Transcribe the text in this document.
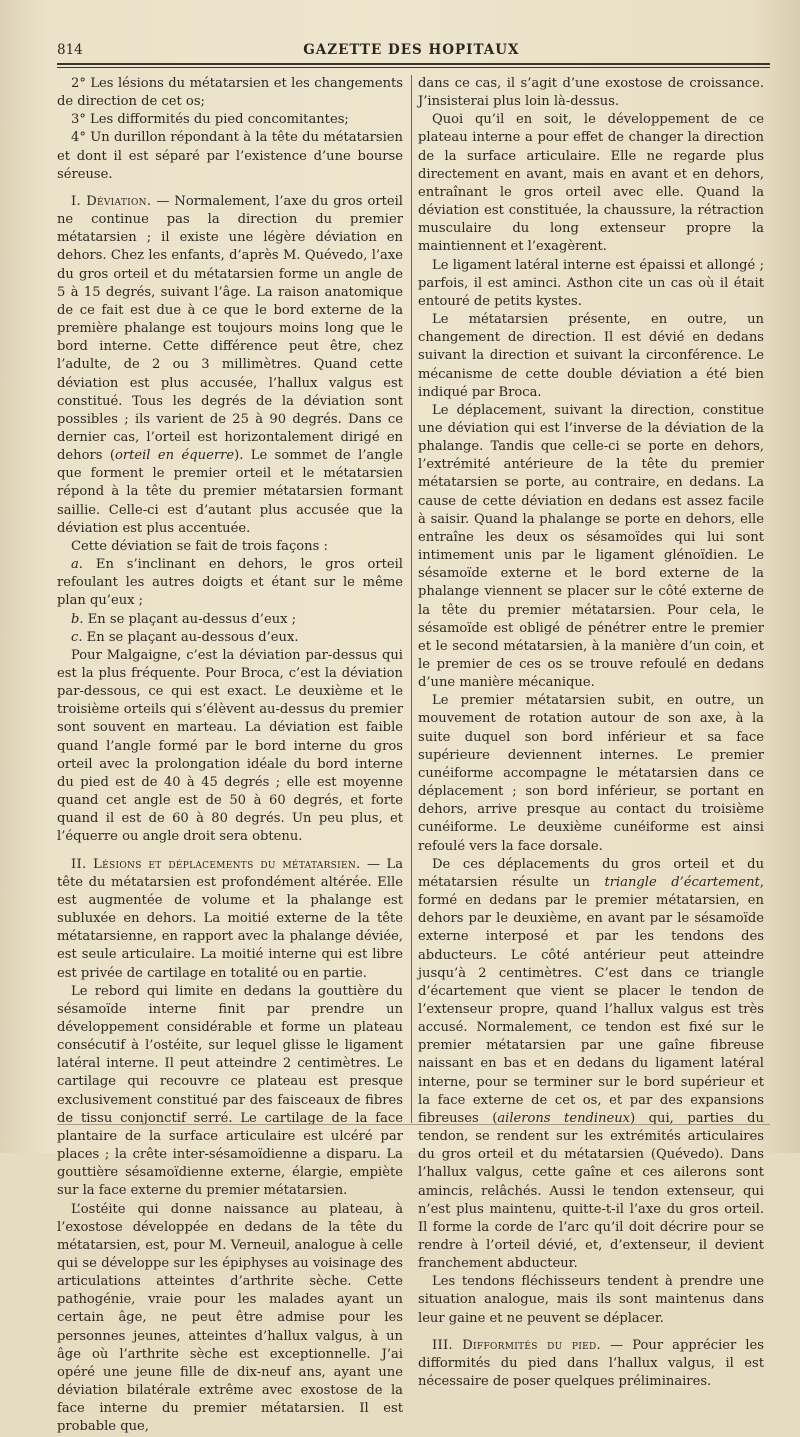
814	GAZETTE DES HOPITAUX

2° Les lésions du métatarsien et les changements de direction de cet os;

3° Les difformités du pied concomitantes;

4° Un durillon répondant à la tête du métatarsien et dont il est séparé par l’existence d’une bourse séreuse.

I. Déviation. — Normalement, l’axe du gros orteil ne continue pas la direction du premier métatarsien ; il existe une légère déviation en dehors. Chez les enfants, d’après M. Quévedo, l’axe du gros orteil et du métatarsien forme un angle de 5 à 15 degrés, suivant l’âge. La raison anatomique de ce fait est due à ce que le bord externe de la première phalange est toujours moins long que le bord interne. Cette différence peut être, chez l’adulte, de 2 ou 3 millimètres. Quand cette déviation est plus accusée, l’hallux valgus est constitué. Tous les degrés de la déviation sont possibles ; ils varient de 25 à 90 degrés. Dans ce dernier cas, l’orteil est horizontalement dirigé en dehors (orteil en équerre). Le sommet de l’angle que forment le premier orteil et le métatarsien répond à la tête du premier métatarsien formant saillie. Celle-ci est d’autant plus accusée que la déviation est plus accentuée.

Cette déviation se fait de trois façons :

a. En s’inclinant en dehors, le gros orteil refoulant les autres doigts et étant sur le même plan qu’eux ;

b. En se plaçant au-dessus d’eux ;

c. En se plaçant au-dessous d’eux.

Pour Malgaigne, c’est la déviation par-dessus qui est la plus fréquente. Pour Broca, c’est la déviation par-dessous, ce qui est exact. Le deuxième et le troisième orteils qui s’élèvent au-dessus du premier sont souvent en marteau. La déviation est faible quand l’angle formé par le bord interne du gros orteil avec la prolongation idéale du bord interne du pied est de 40 à 45 degrés ; elle est moyenne quand cet angle est de 50 à 60 degrés, et forte quand il est de 60 à 80 degrés. Un peu plus, et l’équerre ou angle droit sera obtenu.

II. Lésions et déplacements du métatarsien. — La tête du métatarsien est profondément altérée. Elle est augmentée de volume et la phalange est subluxée en dehors. La moitié externe de la tête métatarsienne, en rapport avec la phalange déviée, est seule articulaire. La moitié interne qui est libre est privée de cartilage en totalité ou en partie.

Le rebord qui limite en dedans la gouttière du sésamoïde interne finit par prendre un développement considérable et forme un plateau consécutif à l’ostéite, sur lequel glisse le ligament latéral interne. Il peut atteindre 2 centimètres. Le cartilage qui recouvre ce plateau est presque exclusivement constitué par des faisceaux de fibres de tissu conjonctif serré. Le cartilage de la face plantaire de la surface articulaire est ulcéré par places ; la crête inter-sésamoïdienne a disparu. La gouttière sésamoïdienne externe, élargie, empiète sur la face externe du premier métatarsien.

L’ostéite qui donne naissance au plateau, à l’exostose développée en dedans de la tête du métatarsien, est, pour M. Verneuil, analogue à celle qui se développe sur les épiphyses au voisinage des articulations atteintes d’arthrite sèche. Cette pathogénie, vraie pour les malades ayant un certain âge, ne peut être admise pour les personnes jeunes, atteintes d’hallux valgus, à un âge où l’arthrite sèche est exceptionnelle. J’ai opéré une jeune fille de dix-neuf ans, ayant une déviation bilatérale extrême avec exostose de la face interne du premier métatarsien. Il est probable que,

dans ce cas, il s’agit d’une exostose de croissance. J’insisterai plus loin là-dessus.

Quoi qu’il en soit, le développement de ce plateau interne a pour effet de changer la direction de la surface articulaire. Elle ne regarde plus directement en avant, mais en avant et en dehors, entraînant le gros orteil avec elle. Quand la déviation est constituée, la chaussure, la rétraction musculaire du long extenseur propre la maintiennent et l’exagèrent.

Le ligament latéral interne est épaissi et allongé ; parfois, il est aminci. Asthon cite un cas où il était entouré de petits kystes.

Le métatarsien présente, en outre, un changement de direction. Il est dévié en dedans suivant la direction et suivant la circonférence. Le mécanisme de cette double déviation a été bien indiqué par Broca.

Le déplacement, suivant la direction, constitue une déviation qui est l’inverse de la déviation de la phalange. Tandis que celle-ci se porte en dehors, l’extrémité antérieure de la tête du premier métatarsien se porte, au contraire, en dedans. La cause de cette déviation en dedans est assez facile à saisir. Quand la phalange se porte en dehors, elle entraîne les deux os sésamoïdes qui lui sont intimement unis par le ligament glénoïdien. Le sésamoïde externe et le bord externe de la phalange viennent se placer sur le côté externe de la tête du premier métatarsien. Pour cela, le sésamoïde est obligé de pénétrer entre le premier et le second métatarsien, à la manière d’un coin, et le premier de ces os se trouve refoulé en dedans d’une manière mécanique.

Le premier métatarsien subit, en outre, un mouvement de rotation autour de son axe, à la suite duquel son bord inférieur et sa face supérieure deviennent internes. Le premier cunéiforme accompagne le métatarsien dans ce déplacement ; son bord inférieur, se portant en dehors, arrive presque au contact du troisième cunéiforme. Le deuxième cunéiforme est ainsi refoulé vers la face dorsale.

De ces déplacements du gros orteil et du métatarsien résulte un triangle d’écartement, formé en dedans par le premier métatarsien, en dehors par le deuxième, en avant par le sésamoïde externe interposé et par les tendons des abducteurs. Le côté antérieur peut atteindre jusqu’à 2 centimètres. C’est dans ce triangle d’écartement que vient se placer le tendon de l’extenseur propre, quand l’hallux valgus est très accusé. Normalement, ce tendon est fixé sur le premier métatarsien par une gaîne fibreuse naissant en bas et en dedans du ligament latéral interne, pour se terminer sur le bord supérieur et la face externe de cet os, et par des expansions fibreuses (ailerons tendineux) qui, parties du tendon, se rendent sur les extrémités articulaires du gros orteil et du métatarsien (Quévedo). Dans l’hallux valgus, cette gaîne et ces ailerons sont amincis, relâchés. Aussi le tendon extenseur, qui n’est plus maintenu, quitte-t-il l’axe du gros orteil. Il forme la corde de l’arc qu’il doit décrire pour se rendre à l’orteil dévié, et, d’extenseur, il devient franchement abducteur.

Les tendons fléchisseurs tendent à prendre une situation analogue, mais ils sont maintenus dans leur gaine et ne peuvent se déplacer.

III. Difformités du pied. — Pour apprécier les difformités du pied dans l’hallux valgus, il est nécessaire de poser quelques préliminaires.
